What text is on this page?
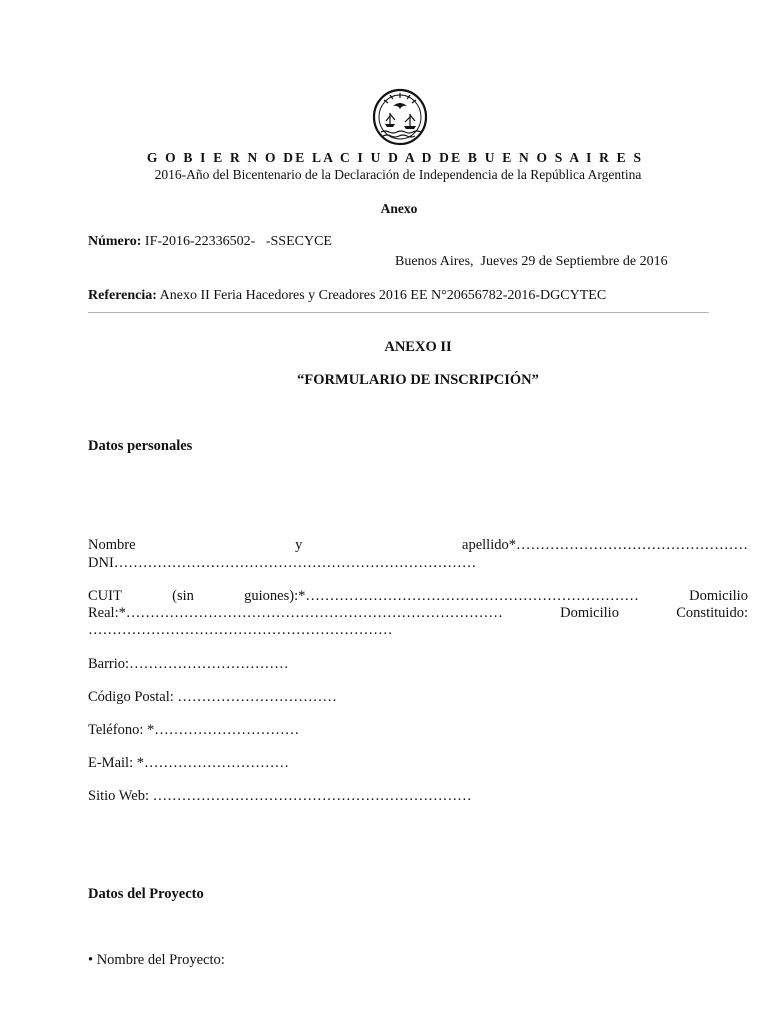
G O B I E R N O DE LA C I U D A D DE B U E N O S A I R E S
2016-Año del Bicentenario de la Declaración de Independencia de la República Argentina
Anexo
Número: IF-2016-22336502-   -SSECYCE
Buenos Aires,  Jueves 29 de Septiembre de 2016
Referencia: Anexo II Feria Hacedores y Creadores 2016 EE N°20656782-2016-DGCYTEC
ANEXO II
“FORMULARIO DE INSCRIPCIÓN”
Datos personales
Nombre	y	apellido*…………………………………………
DNI…………………………………………………………………
CUIT	(sin	guiones):*……………………………………………………………	Domicilio
Real:*……………………………………………………………………	Domicilio	Constituido:
………………………………………………………
Barrio:……………………………
Código Postal: ……………………………
Teléfono: *…………………………
E-Mail: *…………………………
Sitio Web: …………………………………………………………
Datos del Proyecto
• Nombre del Proyecto:
